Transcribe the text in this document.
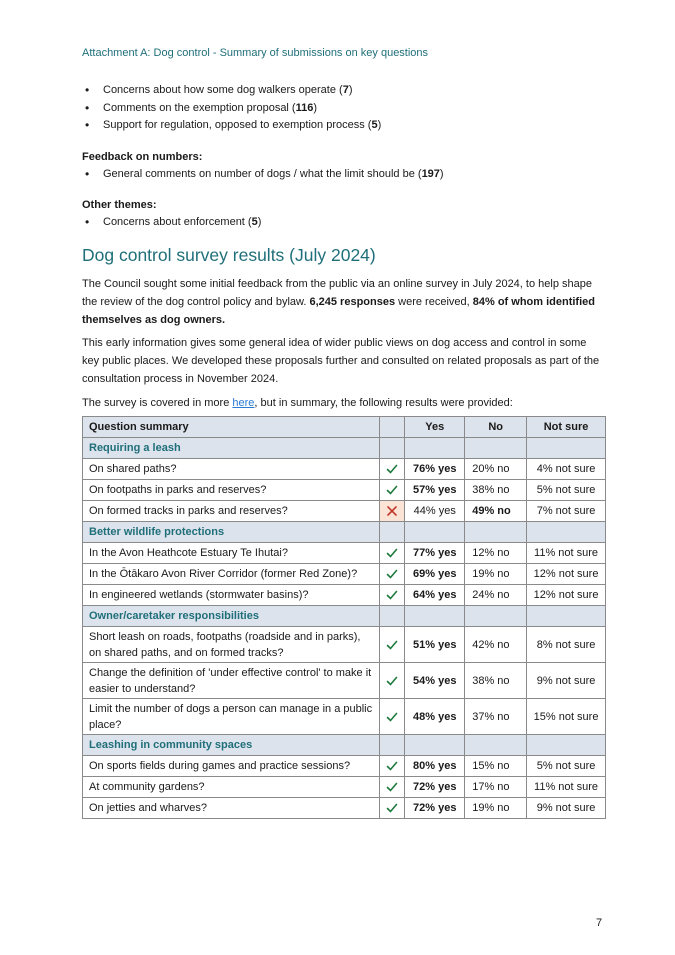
Attachment A: Dog control - Summary of submissions on key questions
• Concerns about how some dog walkers operate (7)
• Comments on the exemption proposal (116)
• Support for regulation, opposed to exemption process (5)
Feedback on numbers:
• General comments on number of dogs / what the limit should be (197)
Other themes:
• Concerns about enforcement (5)
Dog control survey results (July 2024)

The Council sought some initial feedback from the public via an online survey in July 2024, to help shape the review of the dog control policy and bylaw. 6,245 responses were received, 84% of whom identified themselves as dog owners.

This early information gives some general idea of wider public views on dog access and control in some key public places. We developed these proposals further and consulted on related proposals as part of the consultation process in November 2024.

The survey is covered in more here, but in summary, the following results were provided:

Question summary		Yes	No	Not sure
Requiring a leash				
On shared paths?		76% yes	20% no	4% not sure
On footpaths in parks and reserves?		57% yes	38% no	5% not sure
On formed tracks in parks and reserves?		44% yes	49% no	7% not sure
Better wildlife protections				
In the Avon Heathcote Estuary Te Ihutai?		77% yes	12% no	11% not sure
In the Ōtākaro Avon River Corridor (former Red Zone)?		69% yes	19% no	12% not sure
In engineered wetlands (stormwater basins)?		64% yes	24% no	12% not sure
Owner/caretaker responsibilities				
Short leash on roads, footpaths (roadside and in parks), on shared paths, and on formed tracks?		51% yes	42% no	8% not sure
Change the definition of 'under effective control' to make it easier to understand?		54% yes	38% no	9% not sure
Limit the number of dogs a person can manage in a public place?		48% yes	37% no	15% not sure
Leashing in community spaces				
On sports fields during games and practice sessions?		80% yes	15% no	5% not sure
At community gardens?		72% yes	17% no	11% not sure
On jetties and wharves?		72% yes	19% no	9% not sure
7
